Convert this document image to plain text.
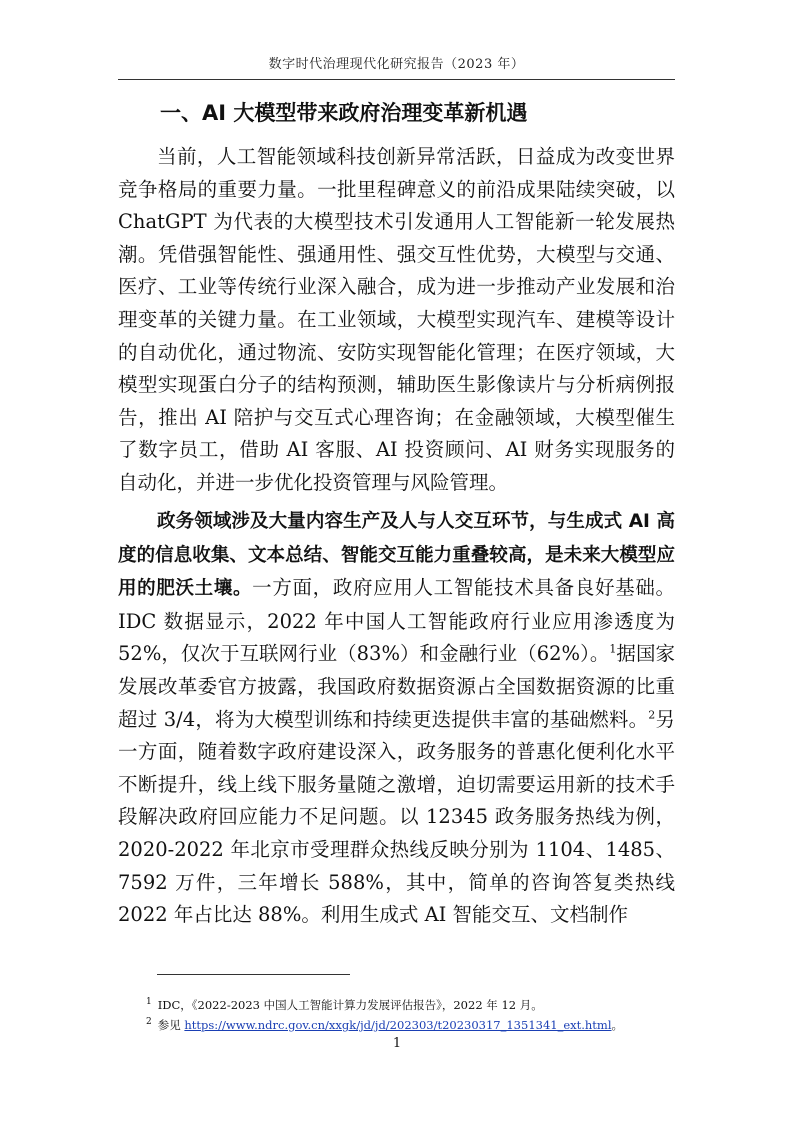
数字时代治理现代化研究报告（2023 年）
一、AI 大模型带来政府治理变革新机遇

当前，人工智能领域科技创新异常活跃，日益成为改变世界竞争格局的重要力量。一批里程碑意义的前沿成果陆续突破，以 ChatGPT 为代表的大模型技术引发通用人工智能新一轮发展热潮。凭借强智能性、强通用性、强交互性优势，大模型与交通、医疗、工业等传统行业深入融合，成为进一步推动产业发展和治理变革的关键力量。在工业领域，大模型实现汽车、建模等设计的自动优化，通过物流、安防实现智能化管理；在医疗领域，大模型实现蛋白分子的结构预测，辅助医生影像读片与分析病例报告，推出 AI 陪护与交互式心理咨询；在金融领域，大模型催生了数字员工，借助 AI 客服、AI 投资顾问、AI 财务实现服务的自动化，并进一步优化投资管理与风险管理。

政务领域涉及大量内容生产及人与人交互环节，与生成式 AI 高度的信息收集、文本总结、智能交互能力重叠较高，是未来大模型应用的肥沃土壤。一方面，政府应用人工智能技术具备良好基础。IDC 数据显示，2022 年中国人工智能政府行业应用渗透度为 52%，仅次于互联网行业（83%）和金融行业（62%）。$^1$据国家发展改革委官方披露，我国政府数据资源占全国数据资源的比重超过 3/4，将为大模型训练和持续更迭提供丰富的基础燃料。$^2$另一方面，随着数字政府建设深入，政务服务的普惠化便利化水平不断提升，线上线下服务量随之激增，迫切需要运用新的技术手段解决政府回应能力不足问题。以 12345 政务服务热线为例，2020-2022 年北京市受理群众热线反映分别为 1104、1485、7592 万件，三年增长 588%，其中，简单的咨询答复类热线 2022 年占比达 88%。利用生成式 AI 智能交互、文档制作

$^1$ IDC，《2022-2023 中国人工智能计算力发展评估报告》，2022 年 12 月。

$^2$ 参见 https://www.ndrc.gov.cn/xxgk/jd/jd/202303/t20230317_1351341_ext.html。

1
